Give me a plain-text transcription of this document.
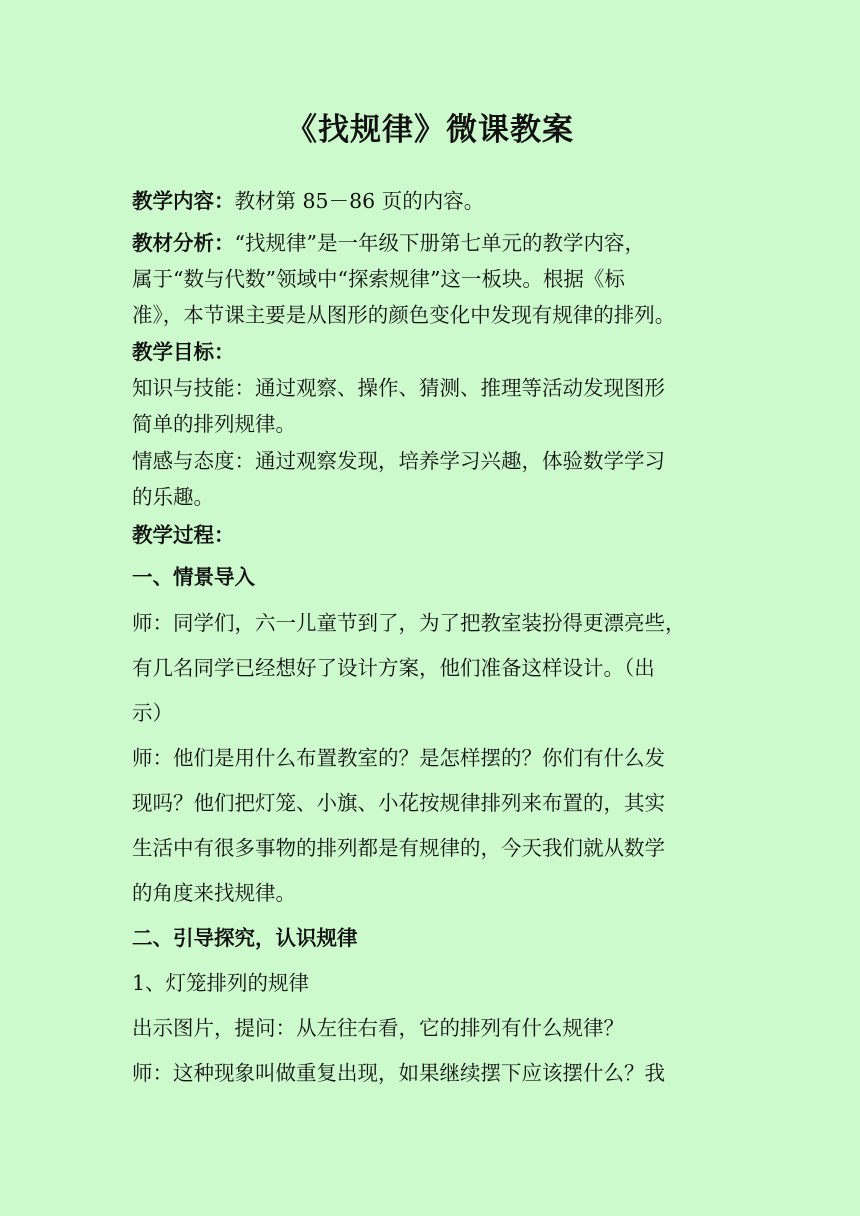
《找规律》微课教案
教学内容：教材第 85－86 页的内容。
教材分析：“找规律”是一年级下册第七单元的教学内容，
属于“数与代数”领域中“探索规律”这一板块。根据《标
准》，本节课主要是从图形的颜色变化中发现有规律的排列。
教学目标：
知识与技能：通过观察、操作、猜测、推理等活动发现图形
简单的排列规律。
情感与态度：通过观察发现，培养学习兴趣，体验数学学习
的乐趣。
教学过程：
一、情景导入
师：同学们，六一儿童节到了，为了把教室装扮得更漂亮些，
有几名同学已经想好了设计方案，他们准备这样设计。（出
示）
师：他们是用什么布置教室的？是怎样摆的？你们有什么发
现吗？他们把灯笼、小旗、小花按规律排列来布置的，其实
生活中有很多事物的排列都是有规律的，今天我们就从数学
的角度来找规律。
二、引导探究，认识规律
1、灯笼排列的规律
出示图片，提问：从左往右看，它的排列有什么规律？
师：这种现象叫做重复出现，如果继续摆下应该摆什么？我
